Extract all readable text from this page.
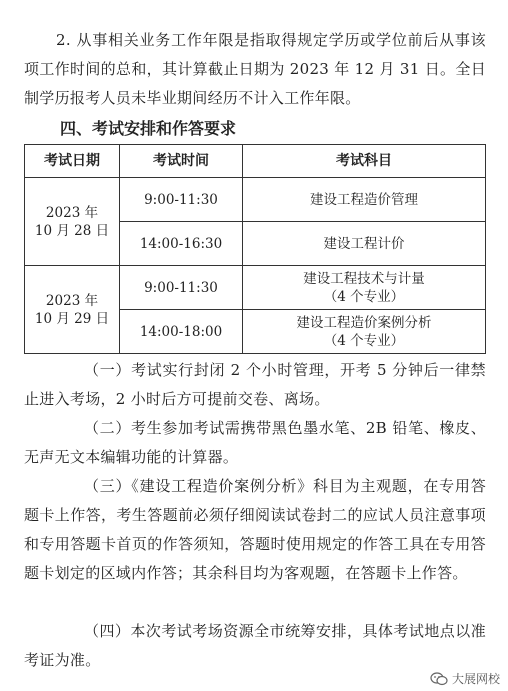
2. 从事相关业务工作年限是指取得规定学历或学位前后从事该项工作时间的总和，其计算截止日期为 2023 年 12 月 31 日。全日制学历报考人员未毕业期间经历不计入工作年限。

四、考试安排和作答要求
考试日期	考试时间	考试科目

2023 年
10 月 28 日	9:00-11:30	建设工程造价管理
	14:00-16:30	建设工程计价

2023 年
10 月 29 日	9:00-11:30	建设工程技术与计量
（4 个专业）

	14:00-18:00	建设工程造价案例分析
（4 个专业）

（一）考试实行封闭 2 个小时管理，开考 5 分钟后一律禁止进入考场，2 小时后方可提前交卷、离场。

（二）考生参加考试需携带黑色墨水笔、2B 铅笔、橡皮、无声无文本编辑功能的计算器。

（三）《建设工程造价案例分析》科目为主观题，在专用答题卡上作答，考生答题前必须仔细阅读试卷封二的应试人员注意事项和专用答题卡首页的作答须知，答题时使用规定的作答工具在专用答题卡划定的区域内作答；其余科目均为客观题，在答题卡上作答。

（四）本次考试考场资源全市统筹安排，具体考试地点以准考证为准。

大展网校
